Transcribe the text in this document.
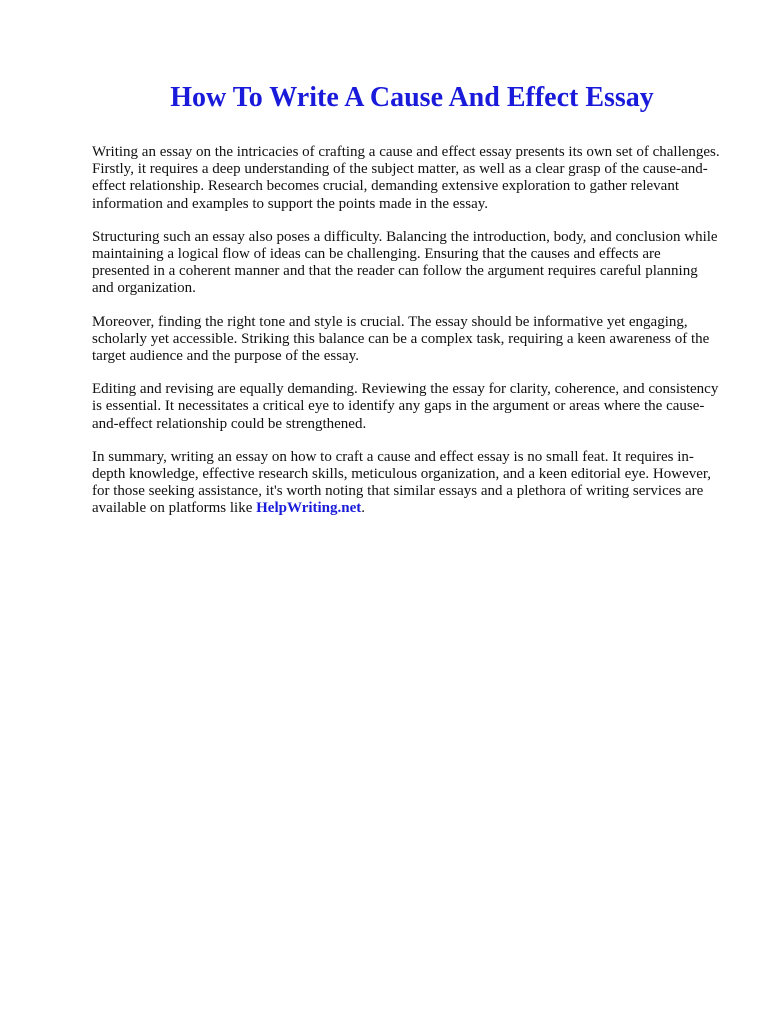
How To Write A Cause And Effect Essay

Writing an essay on the intricacies of crafting a cause and effect essay presents its own set of challenges. Firstly, it requires a deep understanding of the subject matter, as well as a clear grasp of the cause-and-effect relationship. Research becomes crucial, demanding extensive exploration to gather relevant information and examples to support the points made in the essay.

Structuring such an essay also poses a difficulty. Balancing the introduction, body, and conclusion while maintaining a logical flow of ideas can be challenging. Ensuring that the causes and effects are presented in a coherent manner and that the reader can follow the argument requires careful planning and organization.

Moreover, finding the right tone and style is crucial. The essay should be informative yet engaging, scholarly yet accessible. Striking this balance can be a complex task, requiring a keen awareness of the target audience and the purpose of the essay.

Editing and revising are equally demanding. Reviewing the essay for clarity, coherence, and consistency is essential. It necessitates a critical eye to identify any gaps in the argument or areas where the cause-and-effect relationship could be strengthened.

In summary, writing an essay on how to craft a cause and effect essay is no small feat. It requires in-depth knowledge, effective research skills, meticulous organization, and a keen editorial eye. However, for those seeking assistance, it's worth noting that similar essays and a plethora of writing services are available on platforms like HelpWriting.net.
